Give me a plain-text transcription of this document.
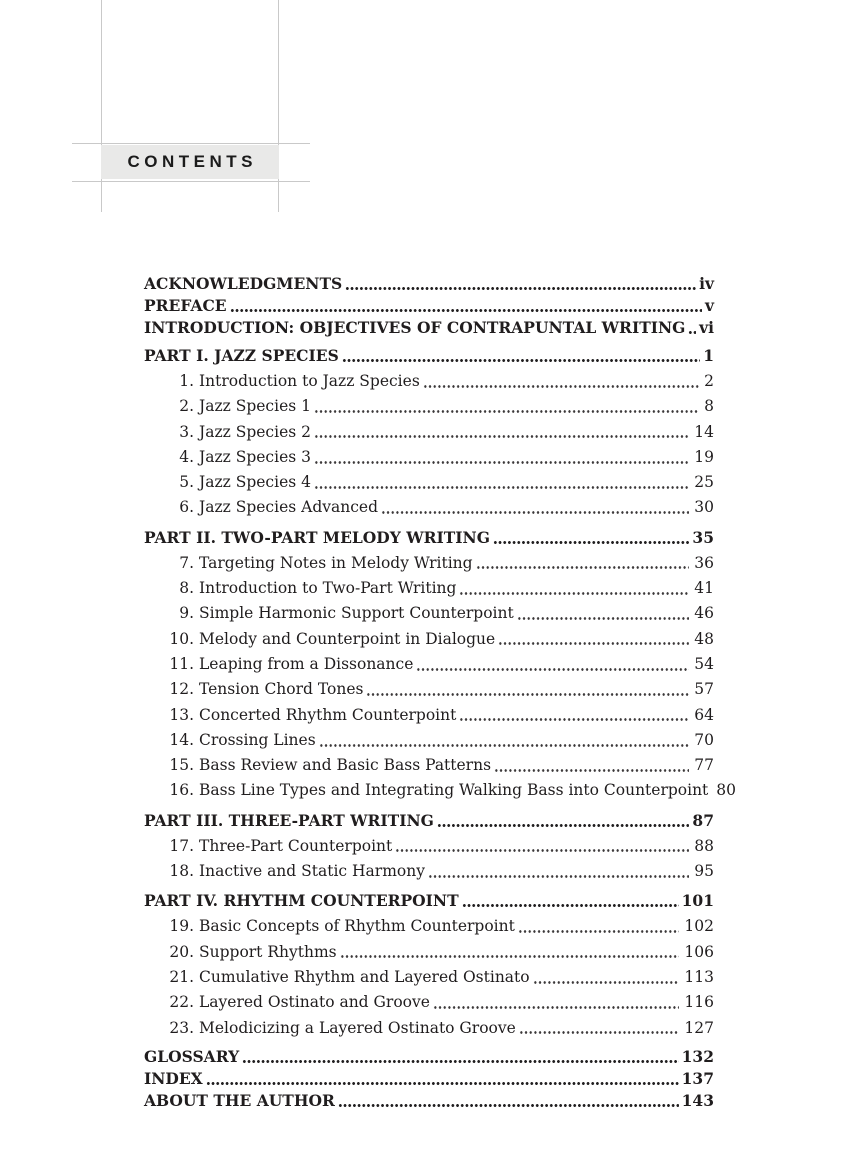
CONTENTS
ACKNOWLEDGMENTS	iv
PREFACE	v
INTRODUCTION: OBJECTIVES OF CONTRAPUNTAL WRITING vi
PART I. JAZZ SPECIES	1
1. Introduction to Jazz Species	2
2. Jazz Species 1	8
3. Jazz Species 2	14
4. Jazz Species 3	19
5. Jazz Species 4	25
6. Jazz Species Advanced	30
PART II. TWO-PART MELODY WRITING	35
7. Targeting Notes in Melody Writing	36
8. Introduction to Two-Part Writing	41
9. Simple Harmonic Support Counterpoint	46
10. Melody and Counterpoint in Dialogue	48
11. Leaping from a Dissonance	54
12. Tension Chord Tones	57
13. Concerted Rhythm Counterpoint	64
14. Crossing Lines	70
15. Bass Review and Basic Bass Patterns	77
16. Bass Line Types and Integrating Walking Bass into Counterpoint 80
PART III. THREE-PART WRITING	87
17. Three-Part Counterpoint	88
18. Inactive and Static Harmony	95
PART IV. RHYTHM COUNTERPOINT	101
19. Basic Concepts of Rhythm Counterpoint	102
20. Support Rhythms	106
21. Cumulative Rhythm and Layered Ostinato	113
22. Layered Ostinato and Groove	116
23. Melodicizing a Layered Ostinato Groove	127
GLOSSARY	132
INDEX	137
ABOUT THE AUTHOR	143
